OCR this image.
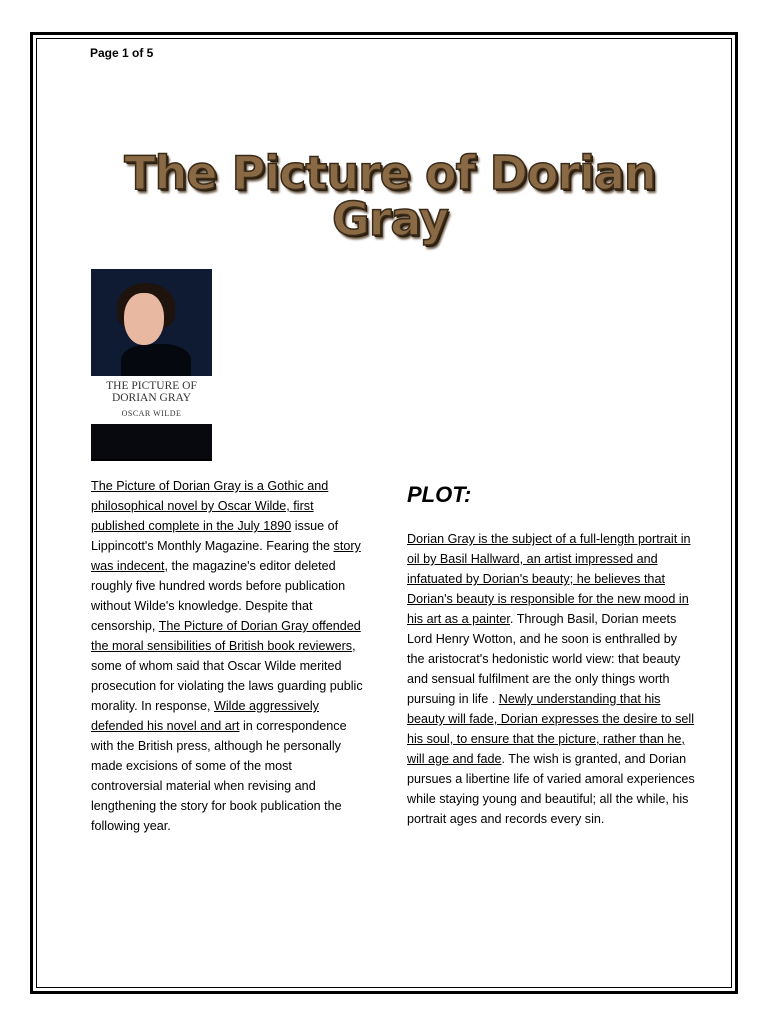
Page 1 of 5
The Picture of Dorian Gray
THE PICTURE OF DORIAN GRAY
OSCAR WILDE
The Picture of Dorian Gray is a Gothic and philosophical novel by Oscar Wilde, first published complete in the July 1890 issue of Lippincott's Monthly Magazine. Fearing the story was indecent, the magazine's editor deleted roughly five hundred words before publication without Wilde's knowledge. Despite that censorship, The Picture of Dorian Gray offended the moral sensibilities of British book reviewers, some of whom said that Oscar Wilde merited prosecution for violating the laws guarding public morality. In response, Wilde aggressively defended his novel and art in correspondence with the British press, although he personally made excisions of some of the most controversial material when revising and lengthening the story for book publication the following year.
PLOT:
Dorian Gray is the subject of a full-length portrait in oil by Basil Hallward, an artist impressed and infatuated by Dorian's beauty; he believes that Dorian's beauty is responsible for the new mood in his art as a painter. Through Basil, Dorian meets Lord Henry Wotton, and he soon is enthralled by the aristocrat's hedonistic world view: that beauty and sensual fulfilment are the only things worth pursuing in life . Newly understanding that his beauty will fade, Dorian expresses the desire to sell his soul, to ensure that the picture, rather than he, will age and fade. The wish is granted, and Dorian pursues a libertine life of varied amoral experiences while staying young and beautiful; all the while, his portrait ages and records every sin.
